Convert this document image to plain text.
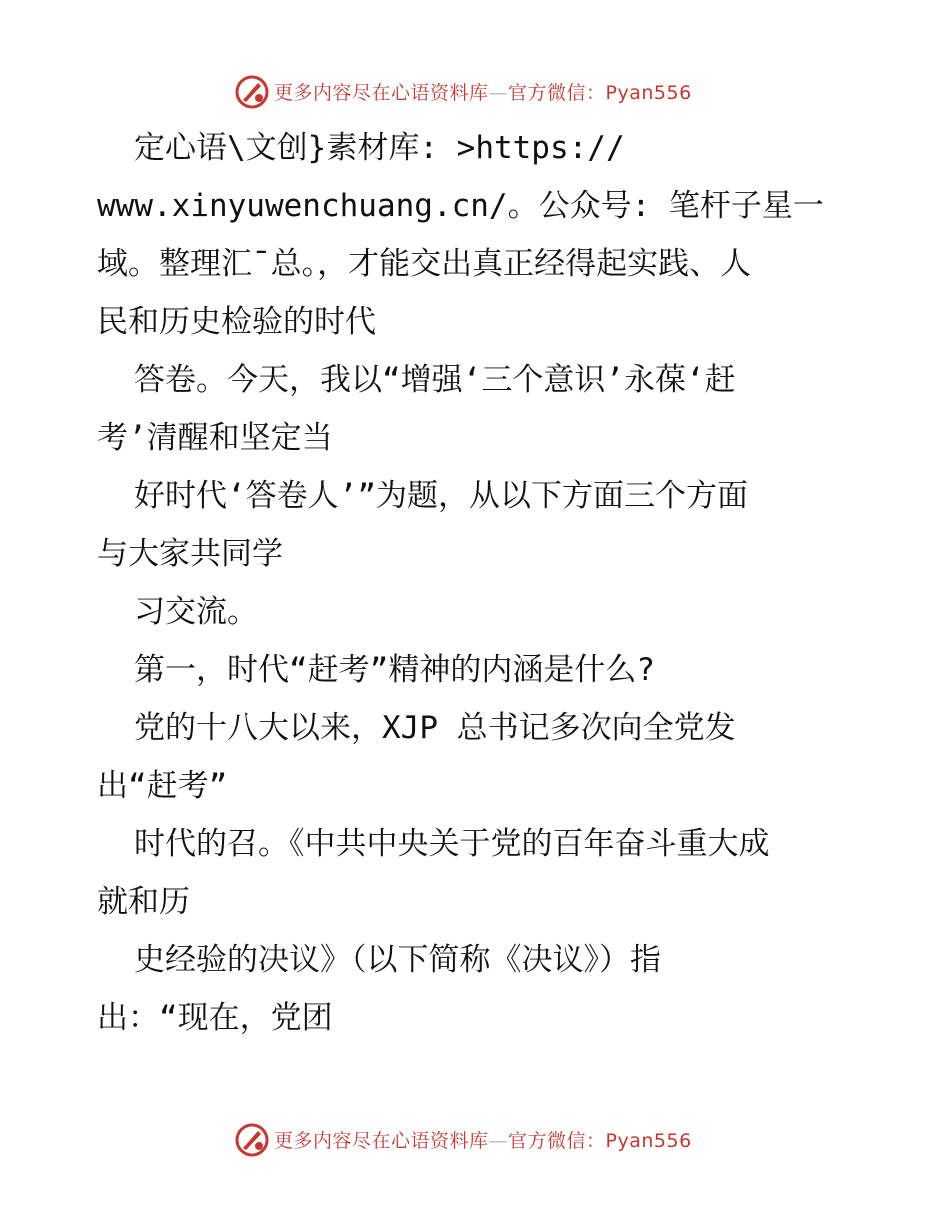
更多内容尽在心语资料库—官方微信：Pyan556

定心语\文创}素材库: >https://

www.xinyuwenchuang.cn/。公众号: 笔杆子星一

域。整理汇¯总。，才能交出真正经得起实践、人

民和历史检验的时代

答卷。今天，我以“增强‘三个意识’永葆‘赶

考’清醒和坚定当

好时代‘答卷人’”为题，从以下方面三个方面

与大家共同学

习交流。

第一，时代“赶考”精神的内涵是什么?

党的十八大以来，XJP 总书记多次向全党发

出“赶考”

时代的召。《中共中央关于党的百年奋斗重大成

就和历

史经验的决议》（以下简称《决议》）指

出：“现在，党团

更多内容尽在心语资料库—官方微信：Pyan556
